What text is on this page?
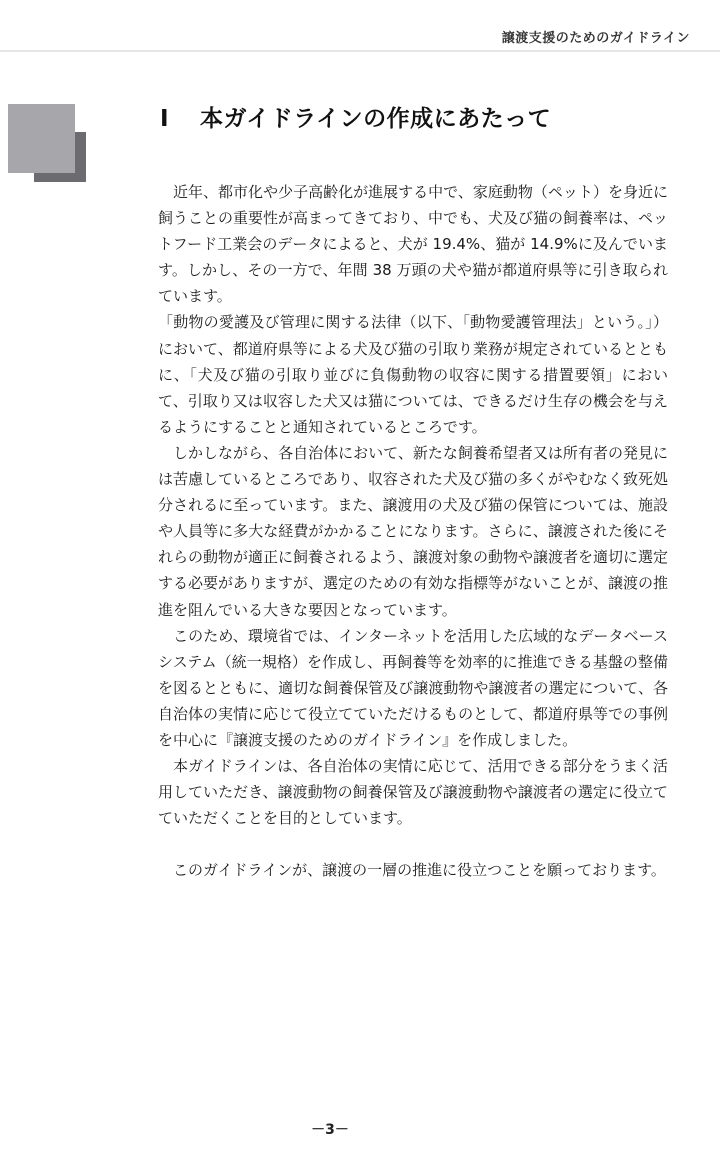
譲渡支援のためのガイドライン
Ⅰ 本ガイドラインの作成にあたって

　近年、都市化や少子高齢化が進展する中で、家庭動物（ペット）を身近に飼うことの重要性が高まってきており、中でも、犬及び猫の飼養率は、ペットフード工業会のデータによると、犬が 19.4%、猫が 14.9%に及んでいます。しかし、その一方で、年間 38 万頭の犬や猫が都道府県等に引き取られています。

「動物の愛護及び管理に関する法律（以下、「動物愛護管理法」という。」）において、都道府県等による犬及び猫の引取り業務が規定されているとともに、「犬及び猫の引取り並びに負傷動物の収容に関する措置要領」において、引取り又は収容した犬又は猫については、できるだけ生存の機会を与えるようにすることと通知されているところです。

　しかしながら、各自治体において、新たな飼養希望者又は所有者の発見には苦慮しているところであり、収容された犬及び猫の多くがやむなく致死処分されるに至っています。また、譲渡用の犬及び猫の保管については、施設や人員等に多大な経費がかかることになります。さらに、譲渡された後にそれらの動物が適正に飼養されるよう、譲渡対象の動物や譲渡者を適切に選定する必要がありますが、選定のための有効な指標等がないことが、譲渡の推進を阻んでいる大きな要因となっています。

　このため、環境省では、インターネットを活用した広域的なデータベースシステム（統一規格）を作成し、再飼養等を効率的に推進できる基盤の整備を図るとともに、適切な飼養保管及び譲渡動物や譲渡者の選定について、各自治体の実情に応じて役立てていただけるものとして、都道府県等での事例を中心に『譲渡支援のためのガイドライン』を作成しました。

　本ガイドラインは、各自治体の実情に応じて、活用できる部分をうまく活用していただき、譲渡動物の飼養保管及び譲渡動物や譲渡者の選定に役立てていただくことを目的としています。

　このガイドラインが、譲渡の一層の推進に役立つことを願っております。

－3－
